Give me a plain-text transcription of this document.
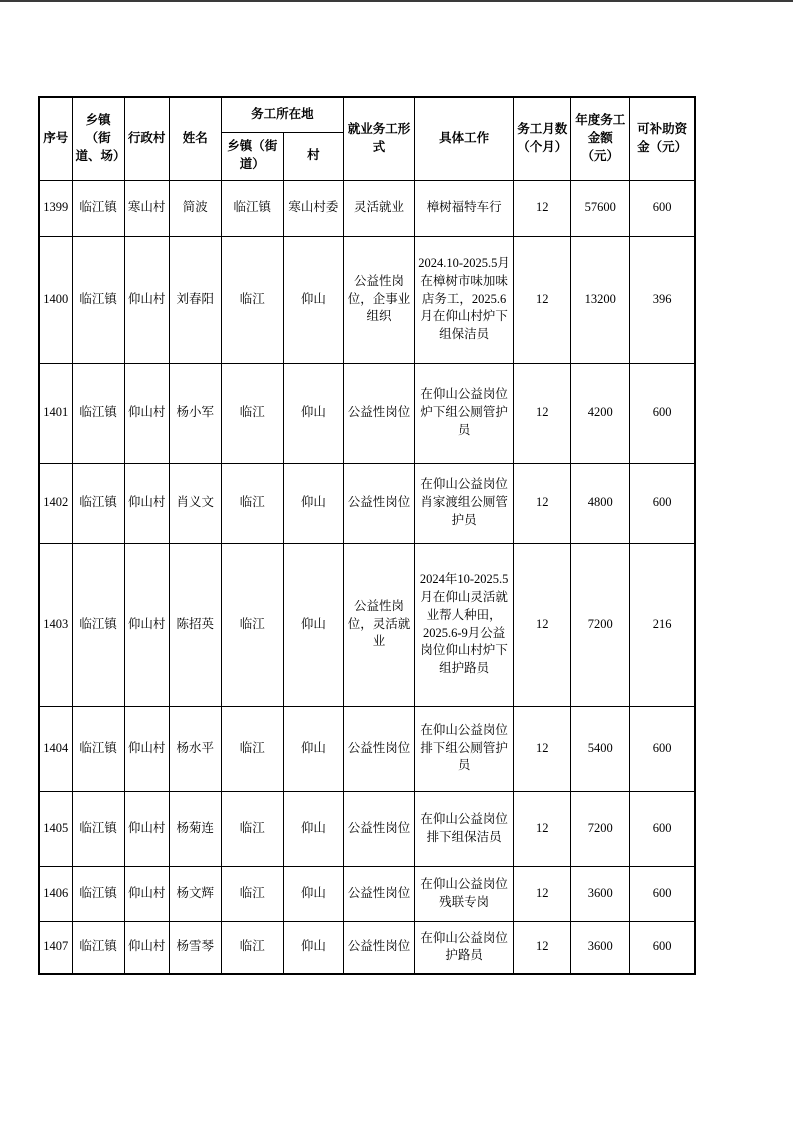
序号	乡镇（街道、场）	行政村	姓名	务工所在地		就业务工形式	具体工作	务工月数（个月）	年度务工金额（元）	可补助资金（元）
				乡镇（街道）	村					
1399	临江镇	寒山村	简波	临江镇	寒山村委	灵活就业	樟树福特车行	12	57600	600
1400	临江镇	仰山村	刘春阳	临江	仰山	公益性岗位，企事业组织	2024.10-2025.5月在樟树市味加味店务工，2025.6月在仰山村炉下组保洁员	12	13200	396
1401	临江镇	仰山村	杨小军	临江	仰山	公益性岗位	在仰山公益岗位炉下组公厕管护员	12	4200	600
1402	临江镇	仰山村	肖义文	临江	仰山	公益性岗位	在仰山公益岗位肖家渡组公厕管护员	12	4800	600
1403	临江镇	仰山村	陈招英	临江	仰山	公益性岗位，灵活就业	2024年10-2025.5月在仰山灵活就业帮人种田，2025.6-9月公益岗位仰山村炉下组护路员	12	7200	216
1404	临江镇	仰山村	杨水平	临江	仰山	公益性岗位	在仰山公益岗位排下组公厕管护员	12	5400	600
1405	临江镇	仰山村	杨菊连	临江	仰山	公益性岗位	在仰山公益岗位排下组保洁员	12	7200	600
1406	临江镇	仰山村	杨文辉	临江	仰山	公益性岗位	在仰山公益岗位残联专岗	12	3600	600
1407	临江镇	仰山村	杨雪琴	临江	仰山	公益性岗位	在仰山公益岗位护路员	12	3600	600
